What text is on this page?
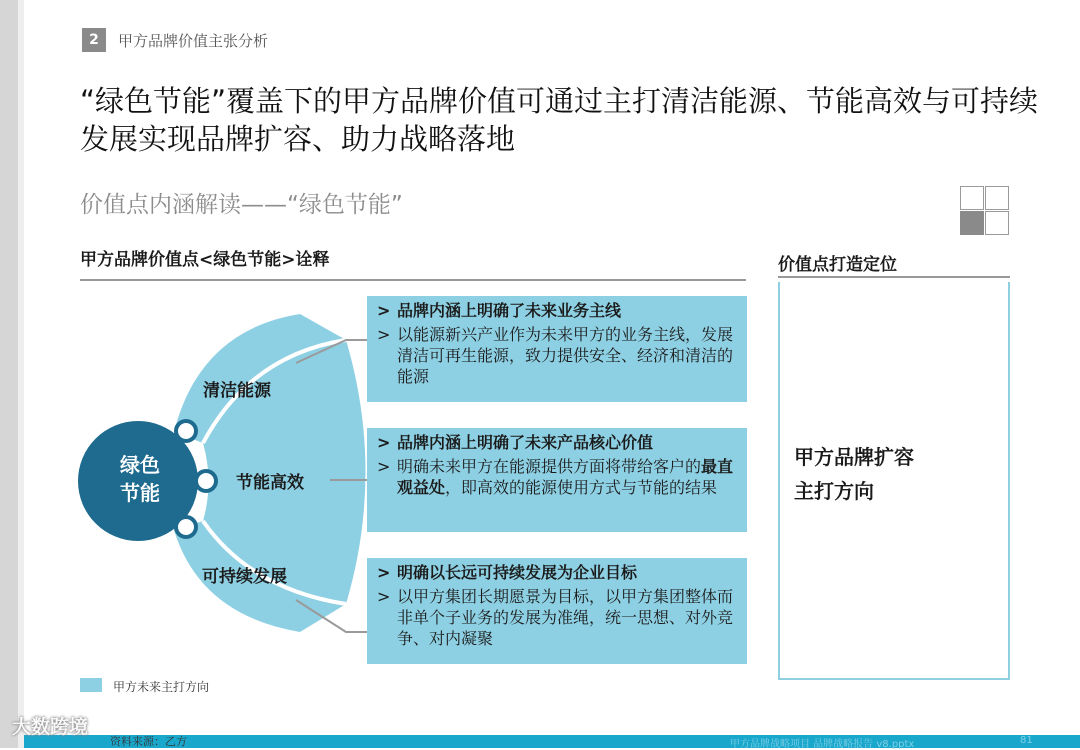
2	甲方品牌价值主张分析
“绿色节能”覆盖下的甲方品牌价值可通过主打清洁能源、节能高效与可持续发展实现品牌扩容、助力战略落地
价值点内涵解读——“绿色节能”
甲方品牌价值点<绿色节能>诠释	价值点打造定位
甲方品牌扩容
主打方向
绿色
节能
清洁能源
节能高效
可持续发展
> 品牌内涵上明确了未来业务主线
> 以能源新兴产业作为未来甲方的业务主线，发展清洁可再生能源，致力提供安全、经济和清洁的能源
> 品牌内涵上明确了未来产品核心价值
> 明确未来甲方在能源提供方面将带给客户的最直观益处，即高效的能源使用方式与节能的结果
> 明确以长远可持续发展为企业目标
> 以甲方集团长期愿景为目标，以甲方集团整体而非单个子业务的发展为准绳，统一思想、对外竞争、对内凝聚
甲方未来主打方向
资料来源：乙方	甲方品牌战略项目 品牌战略报告 v8.pptx	81
大数跨境
